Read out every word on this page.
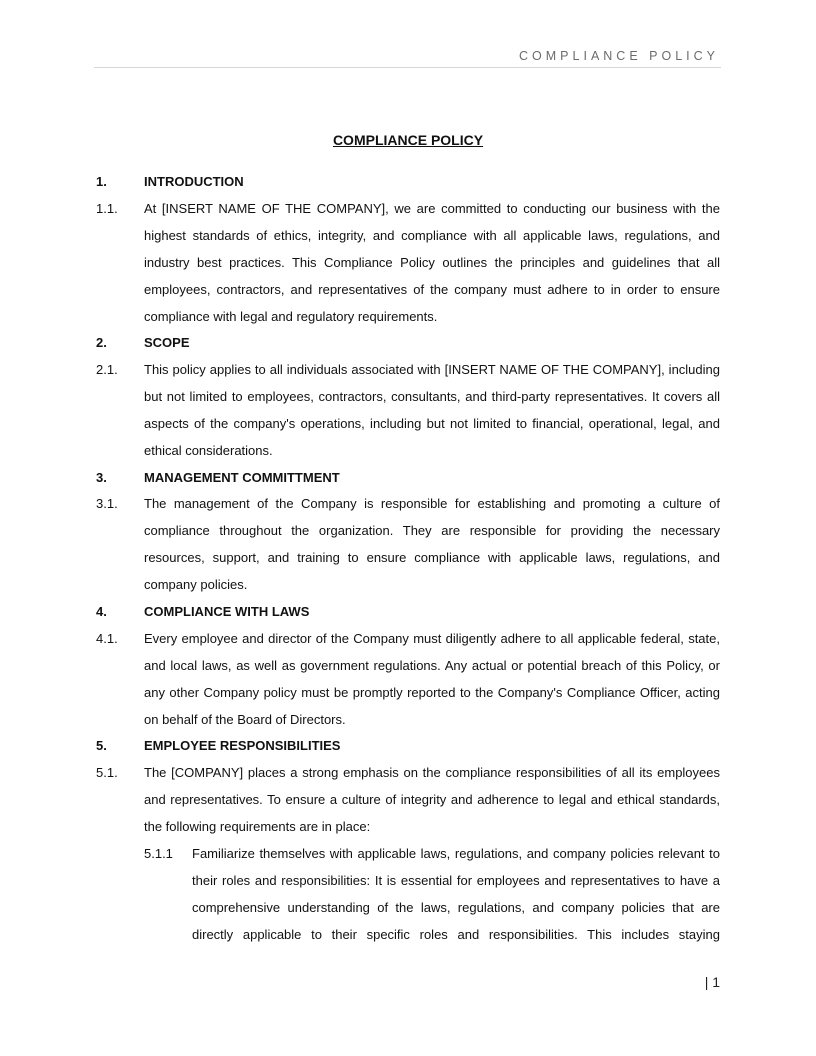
COMPLIANCE POLICY
COMPLIANCE POLICY
1.	INTRODUCTION
1.1. At [INSERT NAME OF THE COMPANY], we are committed to conducting our business with the highest standards of ethics, integrity, and compliance with all applicable laws, regulations, and industry best practices. This Compliance Policy outlines the principles and guidelines that all employees, contractors, and representatives of the company must adhere to in order to ensure compliance with legal and regulatory requirements.
2.	SCOPE
2.1. This policy applies to all individuals associated with [INSERT NAME OF THE COMPANY], including but not limited to employees, contractors, consultants, and third-party representatives. It covers all aspects of the company's operations, including but not limited to financial, operational, legal, and ethical considerations.
3.	MANAGEMENT COMMITTMENT
3.1. The management of the Company is responsible for establishing and promoting a culture of compliance throughout the organization. They are responsible for providing the necessary resources, support, and training to ensure compliance with applicable laws, regulations, and company policies.
4.	COMPLIANCE WITH LAWS
4.1. Every employee and director of the Company must diligently adhere to all applicable federal, state, and local laws, as well as government regulations. Any actual or potential breach of this Policy, or any other Company policy must be promptly reported to the Company's Compliance Officer, acting on behalf of the Board of Directors.
5.	EMPLOYEE RESPONSIBILITIES
5.1. The [COMPANY] places a strong emphasis on the compliance responsibilities of all its employees and representatives. To ensure a culture of integrity and adherence to legal and ethical standards, the following requirements are in place:
5.1.1 Familiarize themselves with applicable laws, regulations, and company policies relevant to their roles and responsibilities: It is essential for employees and representatives to have a comprehensive understanding of the laws, regulations, and company policies that are directly applicable to their specific roles and responsibilities. This includes staying
| 1
